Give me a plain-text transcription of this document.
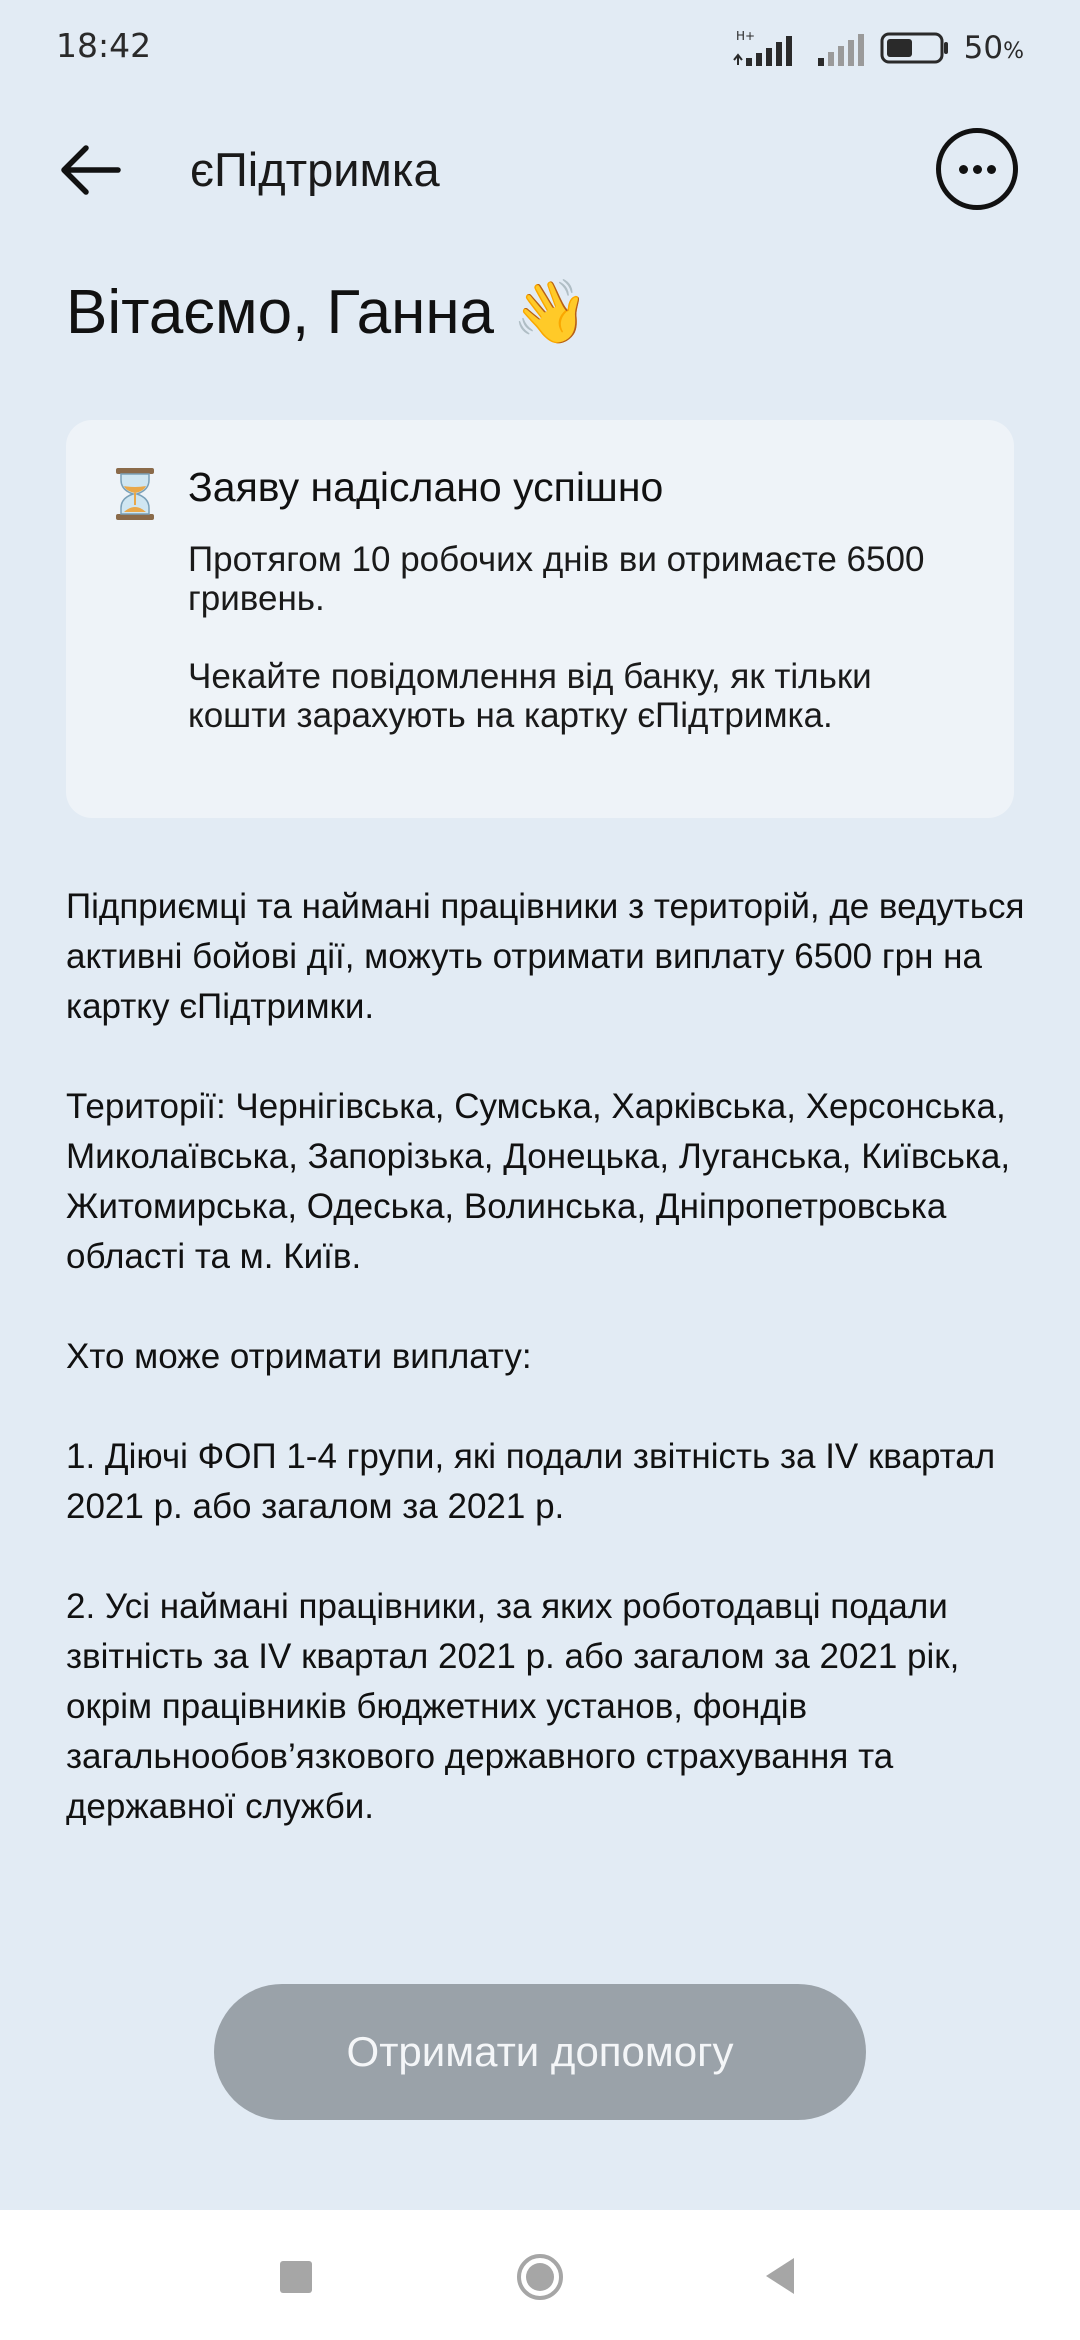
18:42	H+	50%
єПідтримка
Вітаємо, Ганна 👋
Заяву надіслано успішно
Протягом 10 робочих днів ви отримаєте 6500 гривень.
Чекайте повідомлення від банку, як тільки кошти зарахують на картку єПідтримка.
Підприємці та наймані працівники з територій, де ведуться активні бойові дії, можуть отримати виплату 6500 грн на картку єПідтримки.
Території: Чернігівська, Сумська, Харківська, Херсонська, Миколаївська, Запорізька, Донецька, Луганська, Київська, Житомирська, Одеська, Волинська, Дніпропетровська області та м. Київ.
Хто може отримати виплату:
1. Діючі ФОП 1-4 групи, які подали звітність за IV квартал 2021 р. або загалом за 2021 р.
2. Усі наймані працівники, за яких роботодавці подали звітність за IV квартал 2021 р. або загалом за 2021 рік, окрім працівників бюджетних установ, фондів загальнообов’язкового державного страхування та державної служби.
Отримати допомогу
